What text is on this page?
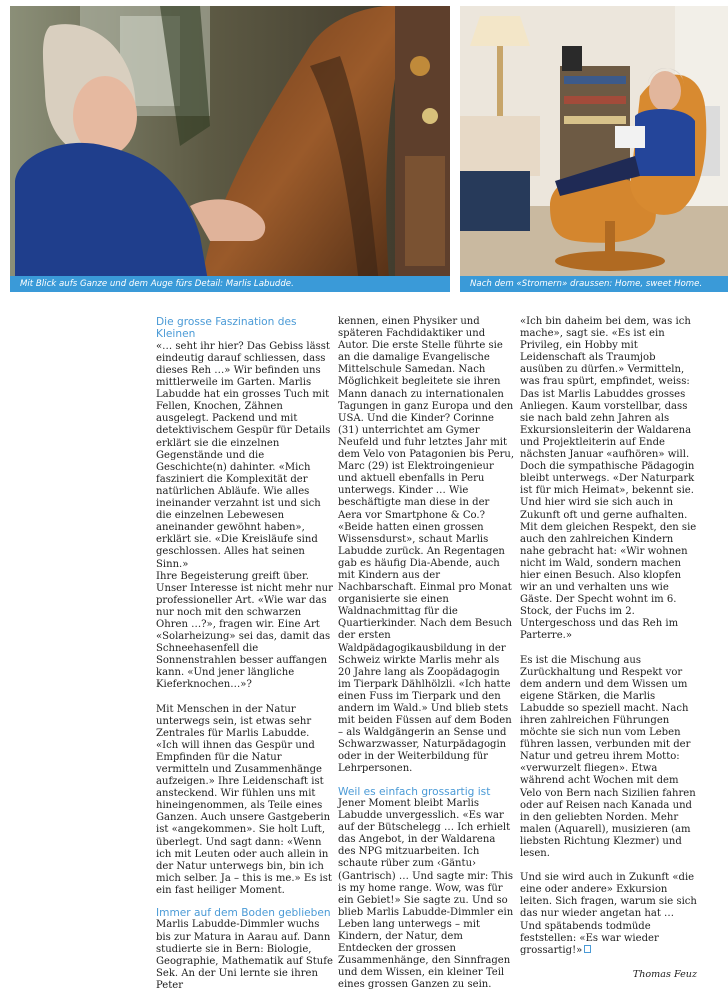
Mit Blick aufs Ganze und dem Auge fürs Detail: Marlis Labudde.	Nach dem «Stromern» draussen: Home, sweet Home.
Die grosse Faszination des Kleinen

«… seht ihr hier? Das Gebiss lässt eindeutig darauf schliessen, dass dieses Reh …» Wir befinden uns mittlerweile im Garten. Marlis Labudde hat ein grosses Tuch mit Fellen, Knochen, Zähnen ausgelegt. Packend und mit detektivischem Gespür für Details erklärt sie die einzelnen Gegenstände und die Geschichte(n) dahinter. «Mich fasziniert die Komplexität der natürlichen Abläufe. Wie alles ineinander verzahnt ist und sich die einzelnen Lebewesen aneinander gewöhnt haben», erklärt sie. «Die Kreisläufe sind geschlossen. Alles hat seinen Sinn.»

Ihre Begeisterung greift über. Unser Interesse ist nicht mehr nur professioneller Art. «Wie war das nur noch mit den schwarzen Ohren …?», fragen wir. Eine Art «Solarheizung» sei das, damit das Schneehasenfell die Sonnenstrahlen besser auffangen kann. «Und jener längliche Kieferknochen…»?

Mit Menschen in der Natur unterwegs sein, ist etwas sehr Zentrales für Marlis Labudde. «Ich will ihnen das Gespür und Empfinden für die Natur vermitteln und Zusammenhänge aufzeigen.» Ihre Leidenschaft ist ansteckend. Wir fühlen uns mit hineingenommen, als Teile eines Ganzen. Auch unsere Gastgeberin ist «angekommen». Sie holt Luft, überlegt. Und sagt dann: «Wenn ich mit Leuten oder auch allein in der Natur unterwegs bin, bin ich mich selber. Ja – this is me.» Es ist ein fast heiliger Moment.

Immer auf dem Boden geblieben

Marlis Labudde-Dimmler wuchs bis zur Matura in Aarau auf. Dann studierte sie in Bern: Biologie, Geographie, Mathematik auf Stufe Sek. An der Uni lernte sie ihren Peter

kennen, einen Physiker und späteren Fachdidaktiker und Autor. Die erste Stelle führte sie an die damalige Evangelische Mittelschule Samedan. Nach Möglichkeit begleitete sie ihren Mann danach zu internationalen Tagungen in ganz Europa und den USA. Und die Kinder? Corinne (31) unterrichtet am Gymer Neufeld und fuhr letztes Jahr mit dem Velo von Patagonien bis Peru, Marc (29) ist Elektroingenieur und aktuell ebenfalls in Peru unterwegs. Kinder … Wie beschäftigte man diese in der Aera vor Smartphone & Co.? «Beide hatten einen grossen Wissensdurst», schaut Marlis Labudde zurück. An Regentagen gab es häufig Dia-Abende, auch mit Kindern aus der Nachbarschaft. Einmal pro Monat organisierte sie einen Waldnachmittag für die Quartierkinder. Nach dem Besuch der ersten Waldpädagogikausbildung in der Schweiz wirkte Marlis mehr als 20 Jahre lang als Zoopädagogin im Tierpark Dählhölzli. «Ich hatte einen Fuss im Tierpark und den andern im Wald.» Und blieb stets mit beiden Füssen auf dem Boden – als Waldgängerin an Sense und Schwarzwasser, Naturpädagogin oder in der Weiterbildung für Lehrpersonen.

Weil es einfach grossartig ist

Jener Moment bleibt Marlis Labudde unvergesslich. «Es war auf der Bütschelegg … Ich erhielt das Angebot, in der Waldarena des NPG mitzuarbeiten. Ich schaute rüber zum ‹Gäntu› (Gantrisch) … Und sagte mir: This is my home range. Wow, was für ein Gebiet!» Sie sagte zu. Und so blieb Marlis Labudde-Dimmler ein Leben lang unterwegs – mit Kindern, der Natur, dem Entdecken der grossen Zusammenhänge, den Sinnfragen und dem Wissen, ein kleiner Teil eines grossen Ganzen zu sein.

«Ich bin daheim bei dem, was ich mache», sagt sie. «Es ist ein Privileg, ein Hobby mit Leidenschaft als Traumjob ausüben zu dürfen.» Vermitteln, was frau spürt, empfindet, weiss: Das ist Marlis Labuddes grosses Anliegen. Kaum vorstellbar, dass sie nach bald zehn Jahren als Exkursionsleiterin der Waldarena und Projektleiterin auf Ende nächsten Januar «aufhören» will. Doch die sympathische Pädagogin bleibt unterwegs. «Der Naturpark ist für mich Heimat», bekennt sie. Und hier wird sie sich auch in Zukunft oft und gerne aufhalten. Mit dem gleichen Respekt, den sie auch den zahlreichen Kindern nahe gebracht hat: «Wir wohnen nicht im Wald, sondern machen hier einen Besuch. Also klopfen wir an und verhalten uns wie Gäste. Der Specht wohnt im 6. Stock, der Fuchs im 2. Untergeschoss und das Reh im Parterre.»

Es ist die Mischung aus Zurückhaltung und Respekt vor dem andern und dem Wissen um eigene Stärken, die Marlis Labudde so speziell macht. Nach ihren zahlreichen Führungen möchte sie sich nun vom Leben führen lassen, verbunden mit der Natur und getreu ihrem Motto: «verwurzelt fliegen». Etwa während acht Wochen mit dem Velo von Bern nach Sizilien fahren oder auf Reisen nach Kanada und in den geliebten Norden. Mehr malen (Aquarell), musizieren (am liebsten Richtung Klezmer) und lesen.

Und sie wird auch in Zukunft «die eine oder andere» Exkursion leiten. Sich fragen, warum sie sich das nur wieder angetan hat … Und spätabends todmüde feststellen: «Es war wieder grossartig!»

Thomas Feuz
